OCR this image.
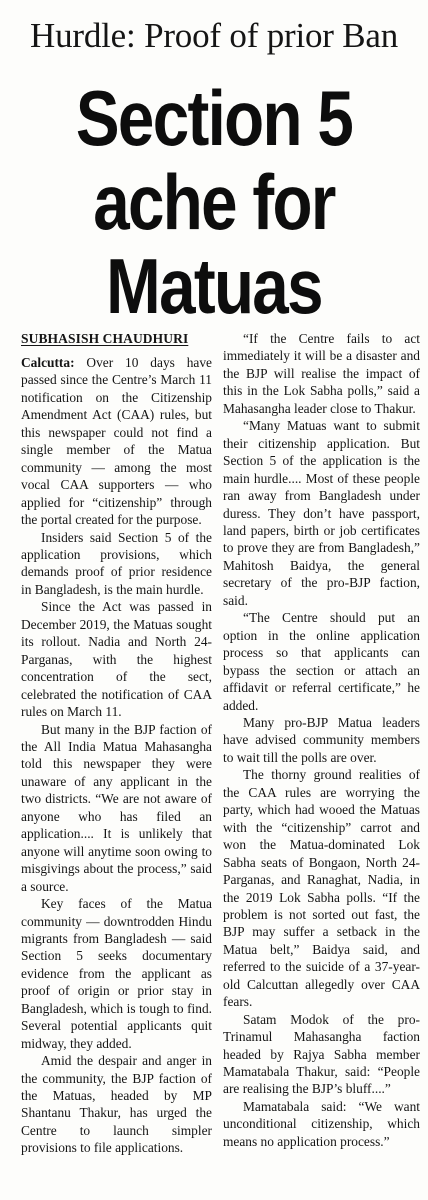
Hurdle: Proof of prior Ban
Section 5
ache for
Matuas
SUBHASISH CHAUDHURI

Calcutta: Over 10 days have passed since the Centre’s March 11 notification on the Citizenship Amendment Act (CAA) rules, but this newspaper could not find a single member of the Matua community — among the most vocal CAA supporters — who applied for “citizenship” through the portal created for the purpose.

Insiders said Section 5 of the application provisions, which demands proof of prior residence in Bangladesh, is the main hurdle.

Since the Act was passed in December 2019, the Matuas sought its rollout. Nadia and North 24-Parganas, with the highest concentration of the sect, celebrated the notification of CAA rules on March 11.

But many in the BJP faction of the All India Matua Mahasangha told this newspaper they were unaware of any applicant in the two districts. “We are not aware of anyone who has filed an application.... It is unlikely that anyone will anytime soon owing to misgivings about the process,” said a source.

Key faces of the Matua community — downtrodden Hindu migrants from Bangladesh — said Section 5 seeks documentary evidence from the applicant as proof of origin or prior stay in Bangladesh, which is tough to find. Several potential applicants quit midway, they added.

Amid the despair and anger in the community, the BJP faction of the Matuas, headed by MP Shantanu Thakur, has urged the Centre to launch simpler provisions to file applications.

“If the Centre fails to act immediately it will be a disaster and the BJP will realise the impact of this in the Lok Sabha polls,” said a Mahasangha leader close to Thakur.

“Many Matuas want to submit their citizenship application. But Section 5 of the application is the main hurdle.... Most of these people ran away from Bangladesh under duress. They don’t have passport, land papers, birth or job certificates to prove they are from Bangladesh,” Mahitosh Baidya, the general secretary of the pro-BJP faction, said.

“The Centre should put an option in the online application process so that applicants can bypass the section or attach an affidavit or referral certificate,” he added.

Many pro-BJP Matua leaders have advised community members to wait till the polls are over.

The thorny ground realities of the CAA rules are worrying the party, which had wooed the Matuas with the “citizenship” carrot and won the Matua-dominated Lok Sabha seats of Bongaon, North 24-Parganas, and Ranaghat, Nadia, in the 2019 Lok Sabha polls. “If the problem is not sorted out fast, the BJP may suffer a setback in the Matua belt,” Baidya said, and referred to the suicide of a 37-year-old Calcuttan allegedly over CAA fears.

Satam Modok of the pro-Trinamul Mahasangha faction headed by Rajya Sabha member Mamatabala Thakur, said: “People are realising the BJP’s bluff....”

Mamatabala said: “We want unconditional citizenship, which means no application process.”
